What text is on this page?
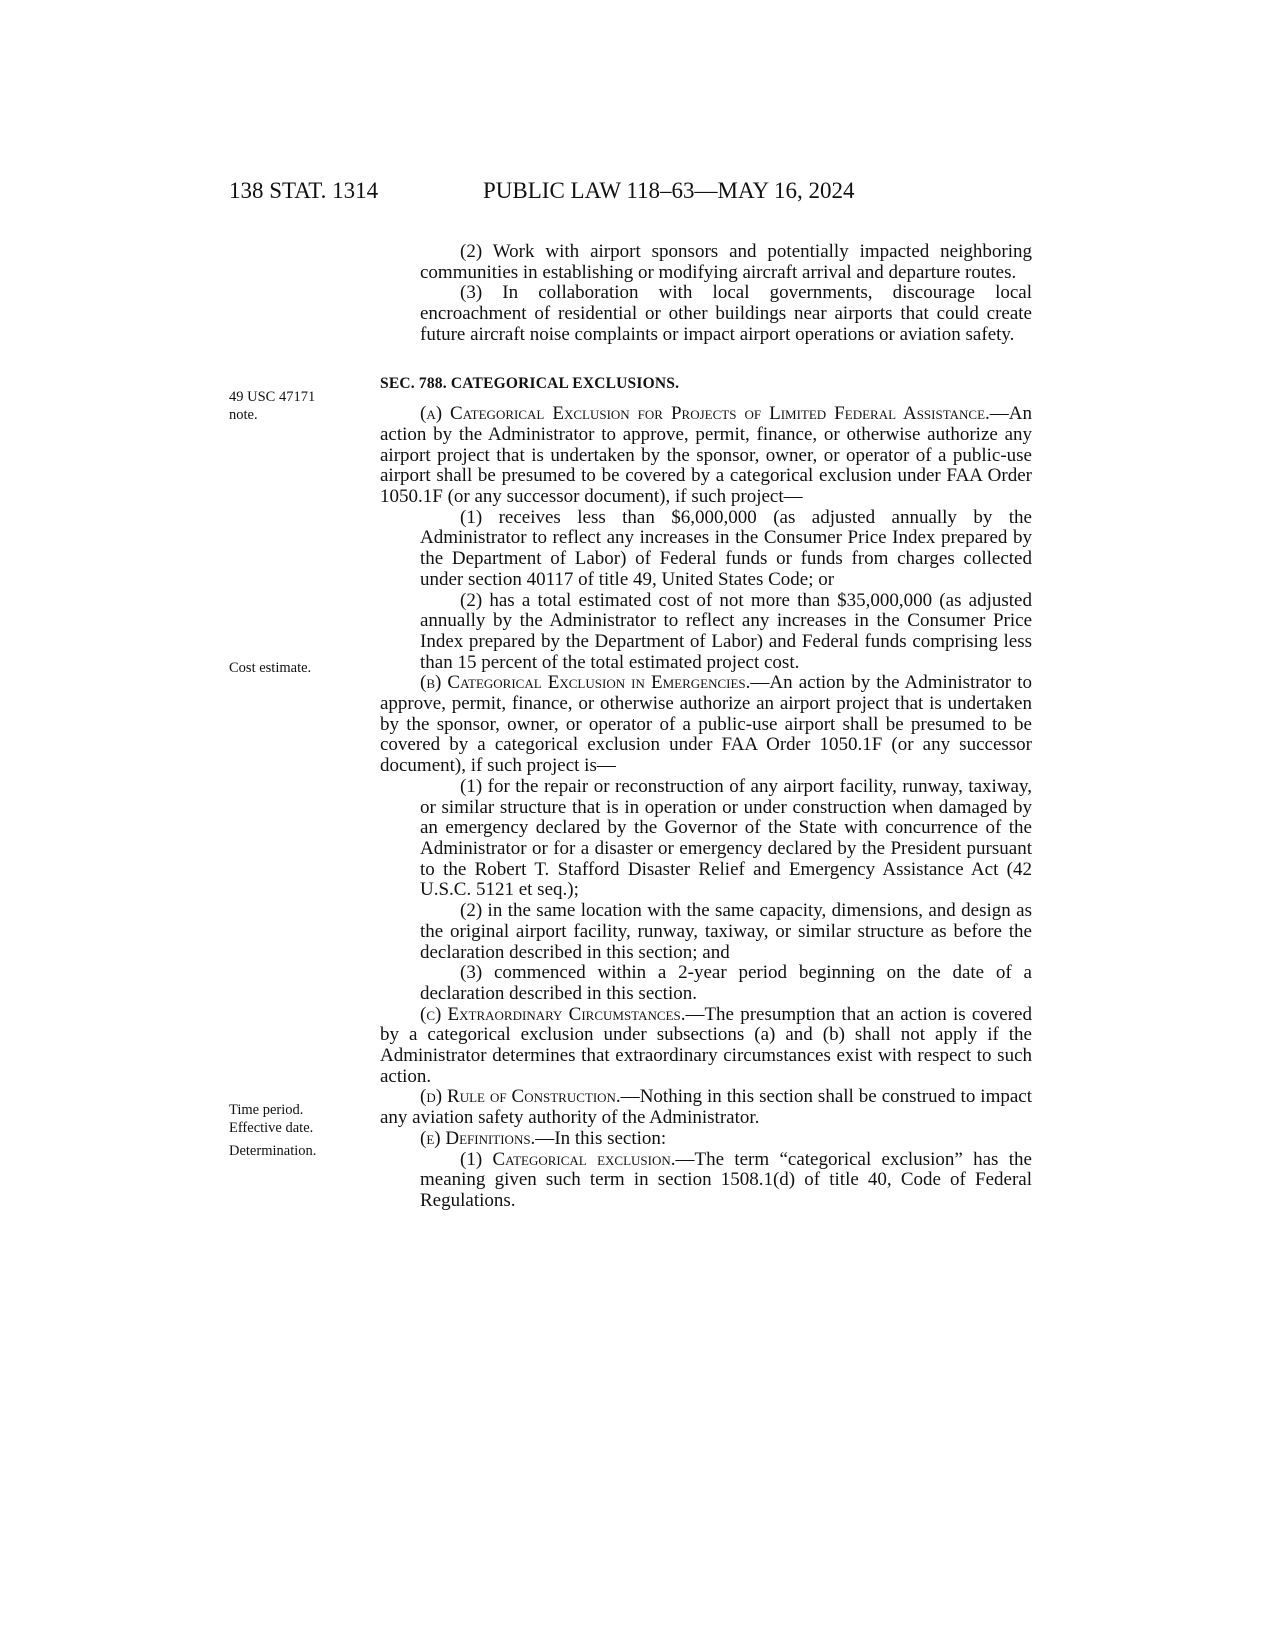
138 STAT. 1314	PUBLIC LAW 118–63—MAY 16, 2024
49 USC 47171
note.
Cost estimate.
Time period.
Effective date.
Determination.

(2) Work with airport sponsors and potentially impacted neighboring communities in establishing or modifying aircraft arrival and departure routes.

(3) In collaboration with local governments, discourage local encroachment of residential or other buildings near airports that could create future aircraft noise complaints or impact airport operations or aviation safety.

SEC. 788. CATEGORICAL EXCLUSIONS.

(a) Categorical Exclusion for Projects of Limited Federal Assistance.—An action by the Administrator to approve, permit, finance, or otherwise authorize any airport project that is undertaken by the sponsor, owner, or operator of a public-use airport shall be presumed to be covered by a categorical exclusion under FAA Order 1050.1F (or any successor document), if such project—

(1) receives less than $6,000,000 (as adjusted annually by the Administrator to reflect any increases in the Consumer Price Index prepared by the Department of Labor) of Federal funds or funds from charges collected under section 40117 of title 49, United States Code; or

(2) has a total estimated cost of not more than $35,000,000 (as adjusted annually by the Administrator to reflect any increases in the Consumer Price Index prepared by the Department of Labor) and Federal funds comprising less than 15 percent of the total estimated project cost.

(b) Categorical Exclusion in Emergencies.—An action by the Administrator to approve, permit, finance, or otherwise authorize an airport project that is undertaken by the sponsor, owner, or operator of a public-use airport shall be presumed to be covered by a categorical exclusion under FAA Order 1050.1F (or any successor document), if such project is—

(1) for the repair or reconstruction of any airport facility, runway, taxiway, or similar structure that is in operation or under construction when damaged by an emergency declared by the Governor of the State with concurrence of the Administrator or for a disaster or emergency declared by the President pursuant to the Robert T. Stafford Disaster Relief and Emergency Assistance Act (42 U.S.C. 5121 et seq.);

(2) in the same location with the same capacity, dimensions, and design as the original airport facility, runway, taxiway, or similar structure as before the declaration described in this section; and

(3) commenced within a 2-year period beginning on the date of a declaration described in this section.

(c) Extraordinary Circumstances.—The presumption that an action is covered by a categorical exclusion under subsections (a) and (b) shall not apply if the Administrator determines that extraordinary circumstances exist with respect to such action.

(d) Rule of Construction.—Nothing in this section shall be construed to impact any aviation safety authority of the Administrator.

(e) Definitions.—In this section:

(1) Categorical exclusion.—The term “categorical exclusion” has the meaning given such term in section 1508.1(d) of title 40, Code of Federal Regulations.
